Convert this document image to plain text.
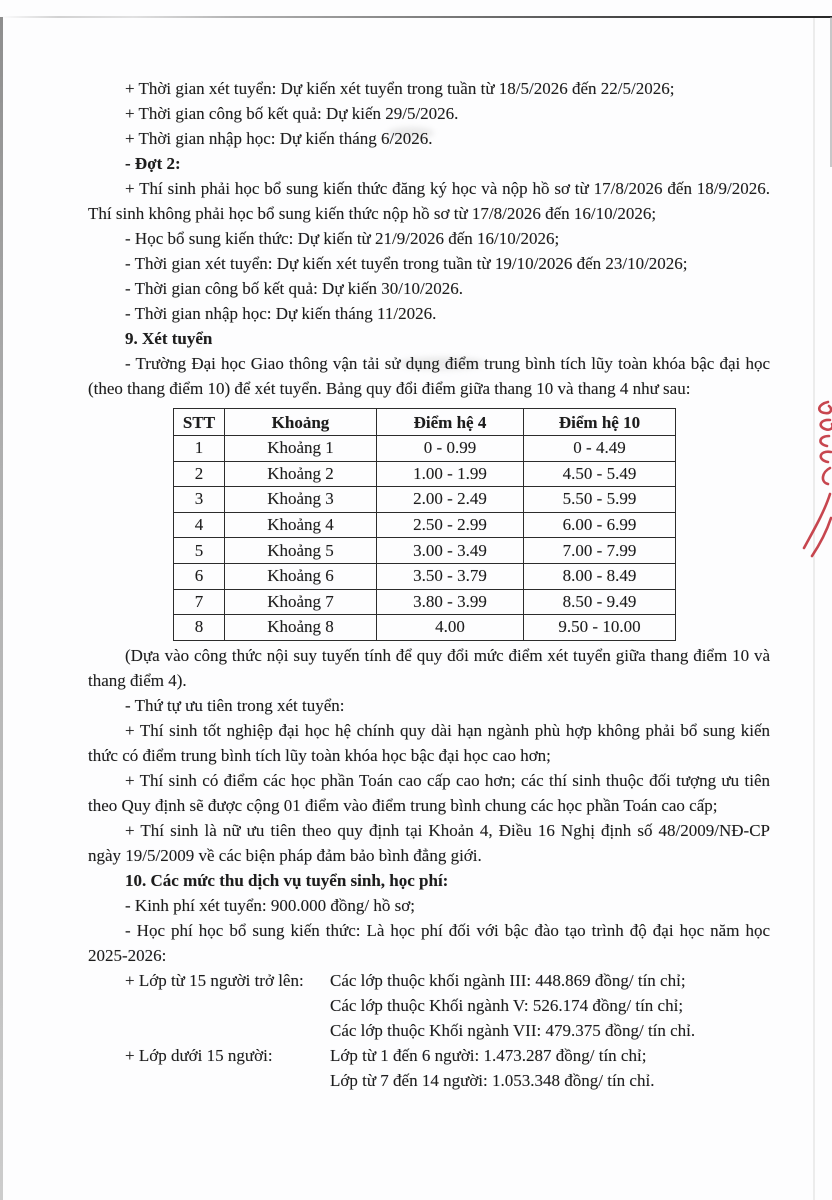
+ Thời gian xét tuyển: Dự kiến xét tuyển trong tuần từ 18/5/2026 đến 22/5/2026;

+ Thời gian công bố kết quả: Dự kiến 29/5/2026.

+ Thời gian nhập học: Dự kiến tháng 6/2026.

- Đợt 2:

+ Thí sinh phải học bổ sung kiến thức đăng ký học và nộp hồ sơ từ 17/8/2026 đến 18/9/2026. Thí sinh không phải học bổ sung kiến thức nộp hồ sơ từ 17/8/2026 đến 16/10/2026;

- Học bổ sung kiến thức: Dự kiến từ 21/9/2026 đến 16/10/2026;

- Thời gian xét tuyển: Dự kiến xét tuyển trong tuần từ 19/10/2026 đến 23/10/2026;

- Thời gian công bố kết quả: Dự kiến 30/10/2026.

- Thời gian nhập học: Dự kiến tháng 11/2026.

9. Xét tuyển

- Trường Đại học Giao thông vận tải sử dụng điểm trung bình tích lũy toàn khóa bậc đại học (theo thang điểm 10) để xét tuyển. Bảng quy đổi điểm giữa thang 10 và thang 4 như sau:

STT	Khoảng	Điểm hệ 4	Điểm hệ 10
1	Khoảng 1	0 - 0.99	0 - 4.49
2	Khoảng 2	1.00 - 1.99	4.50 - 5.49
3	Khoảng 3	2.00 - 2.49	5.50 - 5.99
4	Khoảng 4	2.50 - 2.99	6.00 - 6.99
5	Khoảng 5	3.00 - 3.49	7.00 - 7.99
6	Khoảng 6	3.50 - 3.79	8.00 - 8.49
7	Khoảng 7	3.80 - 3.99	8.50 - 9.49
8	Khoảng 8	4.00	9.50 - 10.00

(Dựa vào công thức nội suy tuyến tính để quy đổi mức điểm xét tuyển giữa thang điểm 10 và thang điểm 4).

- Thứ tự ưu tiên trong xét tuyển:

+ Thí sinh tốt nghiệp đại học hệ chính quy dài hạn ngành phù hợp không phải bổ sung kiến thức có điểm trung bình tích lũy toàn khóa học bậc đại học cao hơn;

+ Thí sinh có điểm các học phần Toán cao cấp cao hơn; các thí sinh thuộc đối tượng ưu tiên theo Quy định sẽ được cộng 01 điểm vào điểm trung bình chung các học phần Toán cao cấp;

+ Thí sinh là nữ ưu tiên theo quy định tại Khoản 4, Điều 16 Nghị định số 48/2009/NĐ-CP ngày 19/5/2009 về các biện pháp đảm bảo bình đẳng giới.

10. Các mức thu dịch vụ tuyển sinh, học phí:

- Kinh phí xét tuyển: 900.000 đồng/ hồ sơ;

- Học phí học bổ sung kiến thức: Là học phí đối với bậc đào tạo trình độ đại học năm học 2025-2026:

+ Lớp từ 15 người trở lên:	Các lớp thuộc khối ngành III: 448.869 đồng/ tín chỉ;
Các lớp thuộc Khối ngành V: 526.174 đồng/ tín chỉ;
Các lớp thuộc Khối ngành VII: 479.375 đồng/ tín chỉ.
+ Lớp dưới 15 người:	Lớp từ 1 đến 6 người: 1.473.287 đồng/ tín chỉ;
Lớp từ 7 đến 14 người: 1.053.348 đồng/ tín chỉ.
